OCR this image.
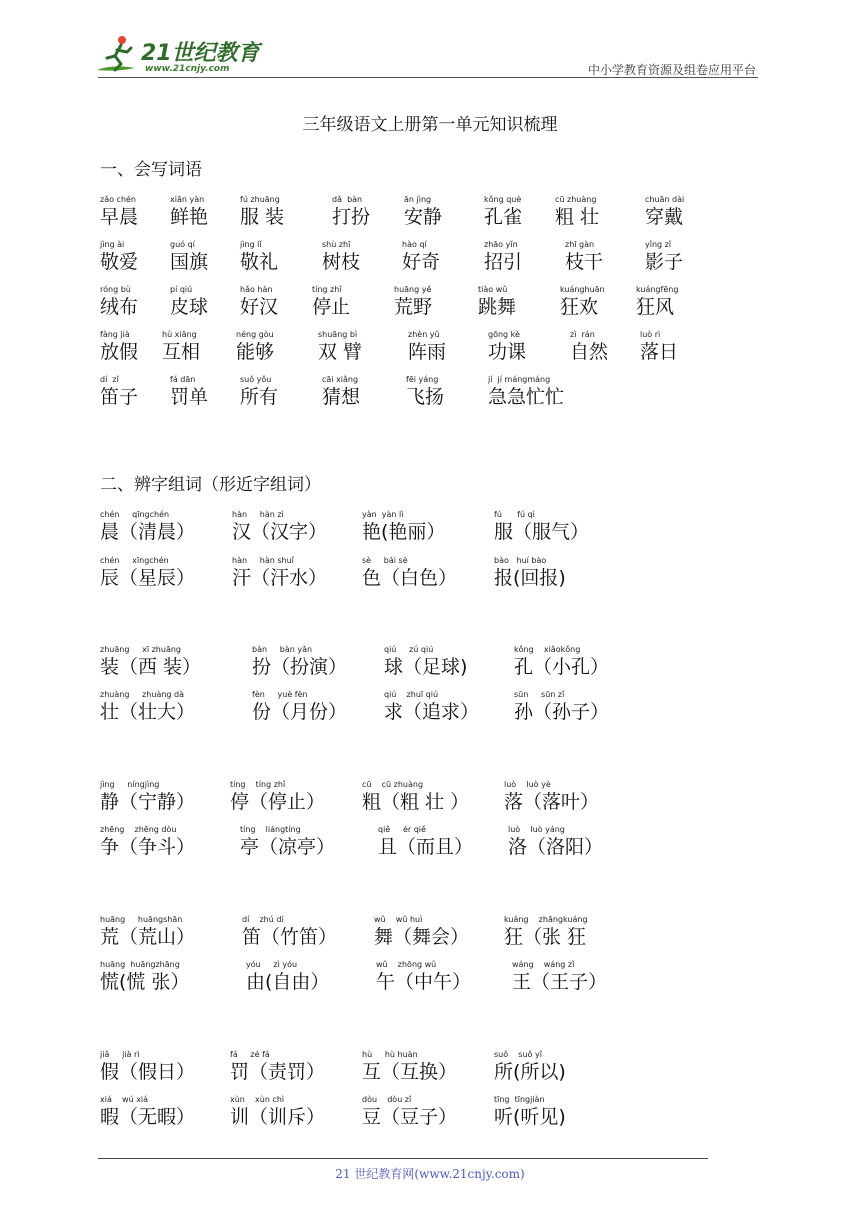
21世纪教育
www.21cnjy.com	中小学教育资源及组卷应用平台
三年级语文上册第一单元知识梳理
一、会写词语
zǎo chén
早晨
xiān yàn
鲜艳
fú zhuāng
服 装
dǎ  bàn
打扮
ān jìng
安静
kǒng què
孔雀
cū zhuàng
粗 壮
chuān dài
穿戴
jìng ài
敬爱
guó qí
国旗
jìng lǐ
敬礼
shù zhī
树枝
hào qí
好奇
zhāo yǐn
招引
zhī gàn
枝干
yǐng zǐ
影子
róng bù
绒布
pí qiú
皮球
hǎo hàn
好汉
tíng zhǐ
停止
huāng yě
荒野
tiào wǔ
跳舞
kuánghuān
狂欢
kuángfēng
狂风
fàng jià
放假
hù xiāng
互相
néng gòu
能够
shuāng bì
双 臂
zhèn yǔ
阵雨
gōng kè
功课
zì  rán
自然
luò rì
落日
dí  zǐ
笛子
fá dān
罚单
suǒ yǒu
所有
cāi xiǎng
猜想
fēi yáng
飞扬
jí  jí mángmáng
急急忙忙
二、辨字组词（形近字组词）
chén     qīngchén
晨（清晨）
hàn     hàn zì
汉（汉字）
yàn  yàn lì
艳(艳丽）
fú      fú qì
服（服气）
chén     xīngchén
辰（星辰）
hàn     hàn shuǐ
汗（汗水）
sè     bái sè
色（白色）
bào   huí bào
报(回报)
zhuāng     xī zhuāng
装（西 装）
bàn     bàn yǎn
扮（扮演）
qiú     zú qiú
球（足球)
kǒng    xiǎokǒng
孔（小孔）
zhuàng     zhuàng dà
壮（壮大）
fèn     yuè fèn
份（月份）
qiú    zhuī qiú
求（追求）
sūn     sūn zǐ
孙（孙子）
jìng     níngjìng
静（宁静）
tíng    tíng zhǐ
停（停止）
cū    cū zhuàng
粗（粗 壮 ）
luò    luò yè
落（落叶）
zhēng    zhēng dòu
争（争斗）
tíng    liángtíng
亭（凉亭）
qiě     ér qiě
且（而且）
luò    luò yáng
洛（洛阳）
huāng     huāngshān
荒（荒山）
dí    zhú dí
笛（竹笛）
wǔ    wǔ huì
舞（舞会）
kuáng    zhāngkuáng
狂（张 狂
huāng  huāngzhāng
慌(慌 张）
yóu     zì yóu
由(自由）
wǔ    zhōng wǔ
午（中午）
wáng    wáng zǐ
王（王子）
jiǎ     jià rì
假（假日）
fá     zé fá
罚（责罚）
hù     hù huàn
互（互换）
suǒ    suǒ yǐ
所(所以)
xiá    wú xiá
暇（无暇）
xùn    xùn chì
训（训斥）
dòu    dòu zǐ
豆（豆子）
tīng  tīngjiàn
听(听见)
21 世纪教育网(www.21cnjy.com)
